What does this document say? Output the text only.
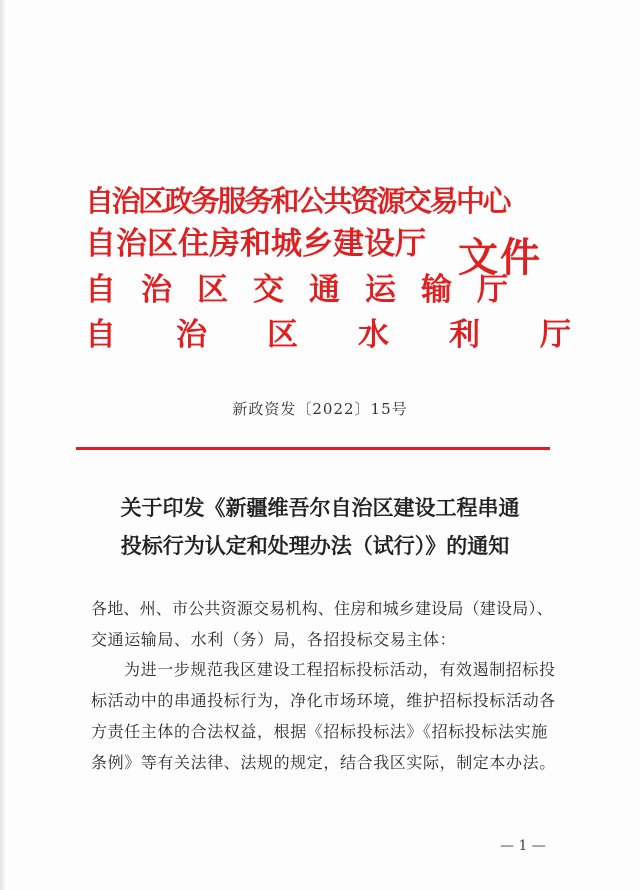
自治区政务服务和公共资源交易中心
自治区住房和城乡建设厅
自治区交通运输厅
自治区水利厅
文件
新政资发〔2022〕15号
关于印发《新疆维吾尔自治区建设工程串通
投标行为认定和处理办法（试行）》的通知
各地、州、市公共资源交易机构、住房和城乡建设局（建设局）、
交通运输局、水利（务）局，各招投标交易主体：
为进一步规范我区建设工程招标投标活动，有效遏制招标投
标活动中的串通投标行为，净化市场环境，维护招标投标活动各
方责任主体的合法权益，根据《招标投标法》《招标投标法实施
条例》等有关法律、法规的规定，结合我区实际，制定本办法。
— 1 —
